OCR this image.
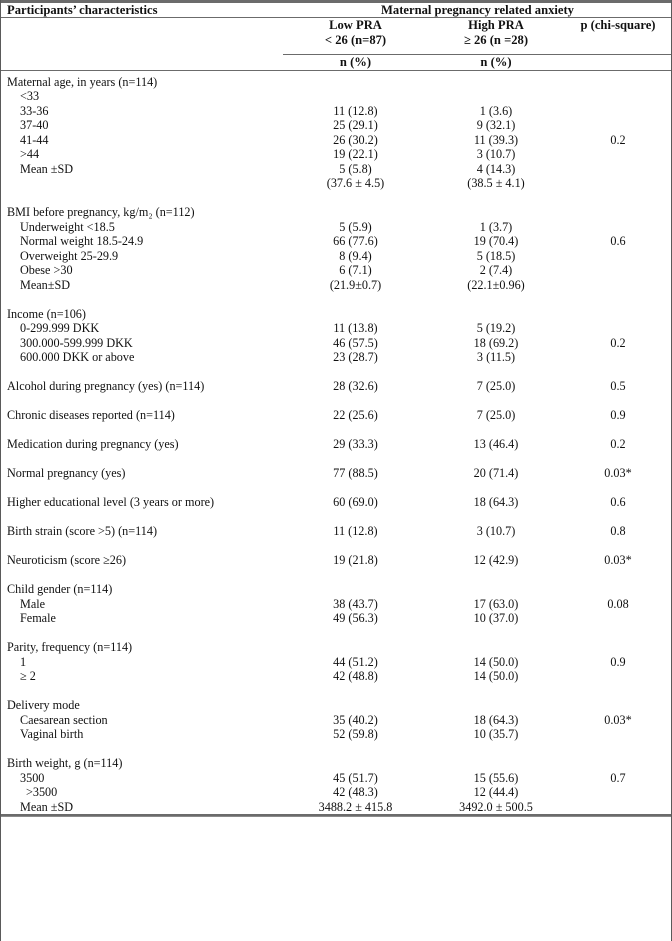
Participants’ characteristics	Maternal pregnancy related anxiety		

	Low PRA	High PRA	p (chi-square)
	< 26 (n=87)	≥ 26 (n =28)	

	n (%)	n (%)	

Maternal age, in years (n=114)			
<33			
33-36	11 (12.8)	1 (3.6)	
37-40	25 (29.1)	9 (32.1)	
41-44	26 (30.2)	11 (39.3)	0.2
>44	19 (22.1)	3 (10.7)	
Mean ±SD	5 (5.8)	4 (14.3)	
	(37.6 ± 4.5)	(38.5 ± 4.1)	

BMI before pregnancy, kg/m₂ (n=112)			
Underweight <18.5	5 (5.9)	1 (3.7)	
Normal weight 18.5-24.9	66 (77.6)	19 (70.4)	0.6
Overweight 25-29.9	8 (9.4)	5 (18.5)	
Obese >30	6 (7.1)	2 (7.4)	
Mean±SD	(21.9±0.7)	(22.1±0.96)	

Income (n=106)			
0-299.999 DKK	11 (13.8)	5 (19.2)	
300.000-599.999 DKK	46 (57.5)	18 (69.2)	0.2
600.000 DKK or above	23 (28.7)	3 (11.5)	

Alcohol during pregnancy (yes) (n=114)	28 (32.6)	7 (25.0)	0.5

Chronic diseases reported (n=114)	22 (25.6)	7 (25.0)	0.9

Medication during pregnancy (yes)	29 (33.3)	13 (46.4)	0.2

Normal pregnancy (yes)	77 (88.5)	20 (71.4)	0.03*

Higher educational level (3 years or more)	60 (69.0)	18 (64.3)	0.6

Birth strain (score >5) (n=114)	11 (12.8)	3 (10.7)	0.8

Neuroticism (score ≥26)	19 (21.8)	12 (42.9)	0.03*

Child gender (n=114)			
Male	38 (43.7)	17 (63.0)	0.08
Female	49 (56.3)	10 (37.0)	

Parity, frequency (n=114)			
1	44 (51.2)	14 (50.0)	0.9
≥ 2	42 (48.8)	14 (50.0)	

Delivery mode			
Caesarean section	35 (40.2)	18 (64.3)	0.03*
Vaginal birth	52 (59.8)	10 (35.7)	

Birth weight, g (n=114)			
3500	45 (51.7)	15 (55.6)	0.7
>3500	42 (48.3)	12 (44.4)	
Mean ±SD	3488.2 ± 415.8	3492.0 ± 500.5	
